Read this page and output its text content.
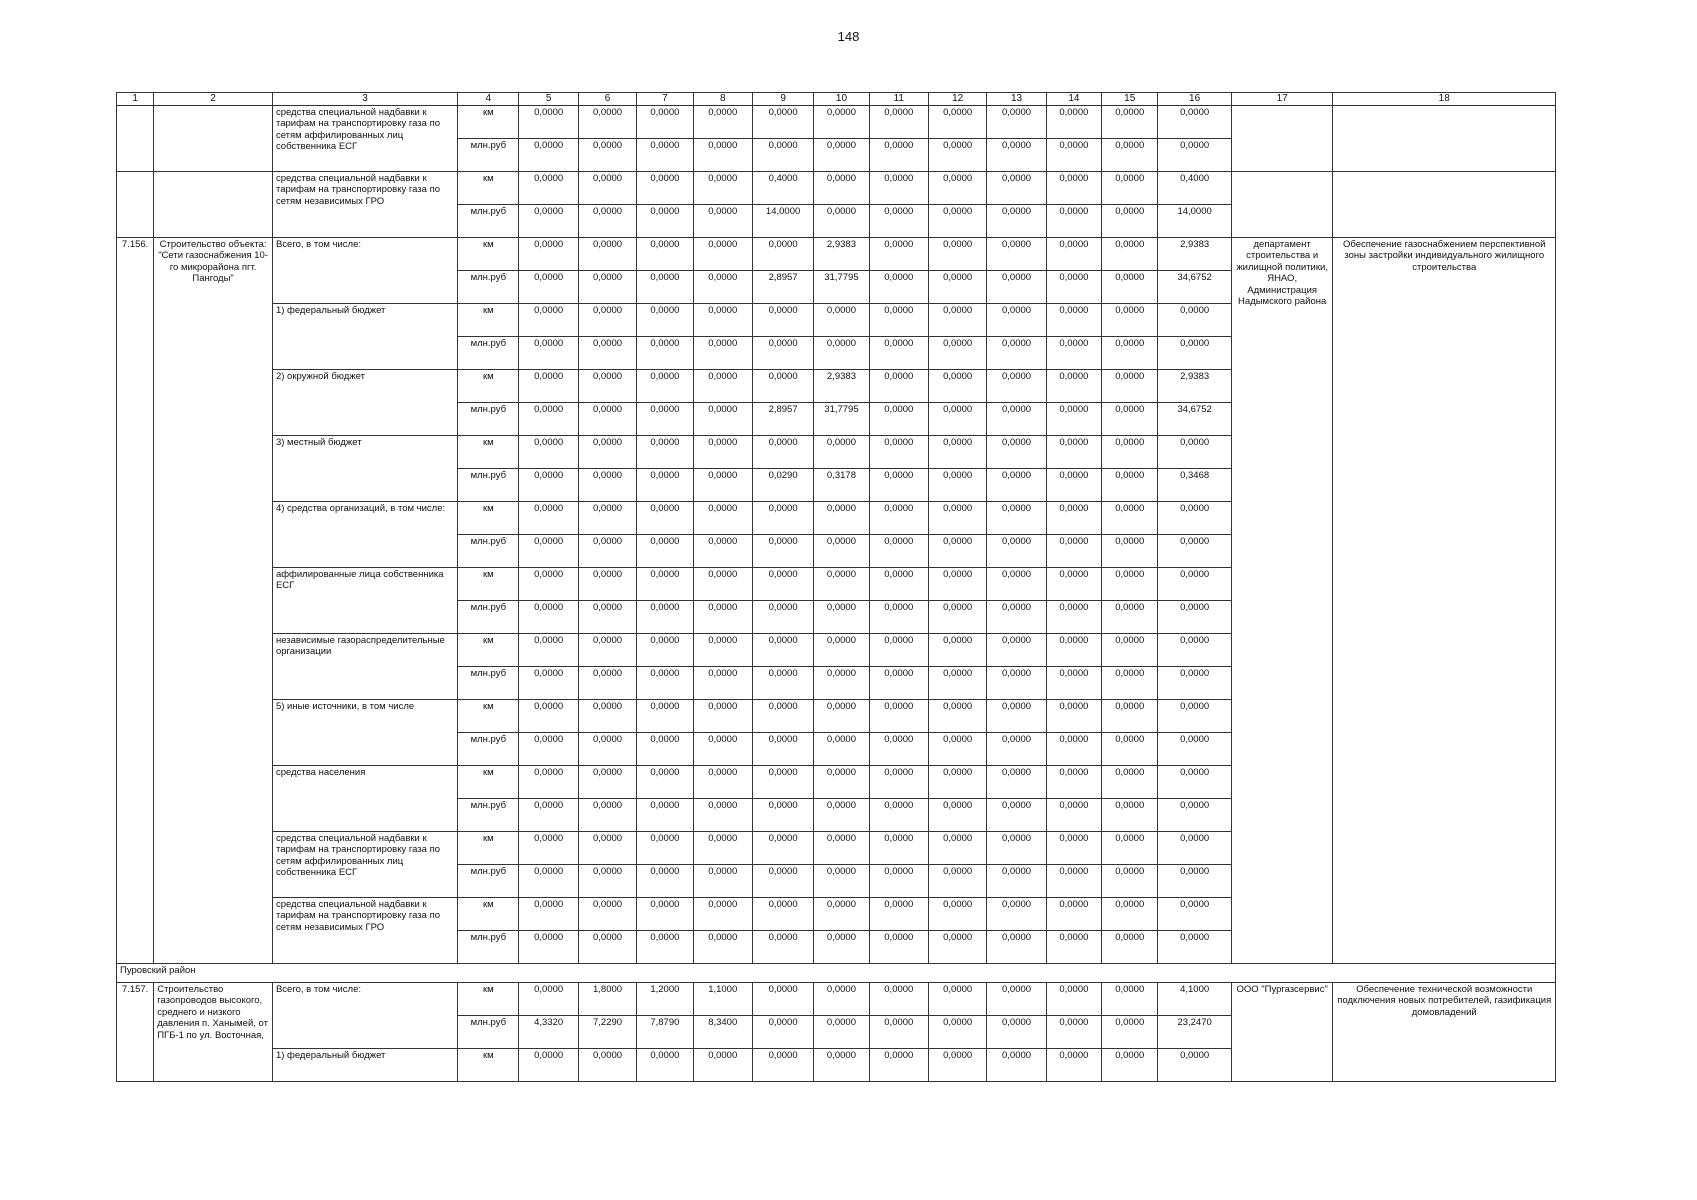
148
1	2	3	4	5	6	7	8	9	10	11	12	13	14	15	16	17	18
		средства специальной надбавки к тарифам на транспортировку газа по сетям аффилированных лиц собственника ЕСГ	км	0,0000	0,0000	0,0000	0,0000	0,0000	0,0000	0,0000	0,0000	0,0000	0,0000	0,0000	0,0000		
			млн.руб	0,0000	0,0000	0,0000	0,0000	0,0000	0,0000	0,0000	0,0000	0,0000	0,0000	0,0000	0,0000		
		средства специальной надбавки к тарифам на транспортировку газа по сетям независимых ГРО	км	0,0000	0,0000	0,0000	0,0000	0,4000	0,0000	0,0000	0,0000	0,0000	0,0000	0,0000	0,4000		
			млн.руб	0,0000	0,0000	0,0000	0,0000	14,0000	0,0000	0,0000	0,0000	0,0000	0,0000	0,0000	14,0000		
7.156.	Строительство объекта: "Сети газоснабжения 10-го микрорайона пгт. Пангоды"	Всего, в том числе:	км	0,0000	0,0000	0,0000	0,0000	0,0000	2,9383	0,0000	0,0000	0,0000	0,0000	0,0000	2,9383	департамент строительства и жилищной политики, ЯНАО, Администрация Надымского района	Обеспечение газоснабжением перспективной зоны застройки индивидуального жилищного строительства
			млн.руб	0,0000	0,0000	0,0000	0,0000	2,8957	31,7795	0,0000	0,0000	0,0000	0,0000	0,0000	34,6752		
		1) федеральный бюджет	км	0,0000	0,0000	0,0000	0,0000	0,0000	0,0000	0,0000	0,0000	0,0000	0,0000	0,0000	0,0000		
			млн.руб	0,0000	0,0000	0,0000	0,0000	0,0000	0,0000	0,0000	0,0000	0,0000	0,0000	0,0000	0,0000		
		2) окружной бюджет	км	0,0000	0,0000	0,0000	0,0000	0,0000	2,9383	0,0000	0,0000	0,0000	0,0000	0,0000	2,9383		
			млн.руб	0,0000	0,0000	0,0000	0,0000	2,8957	31,7795	0,0000	0,0000	0,0000	0,0000	0,0000	34,6752		
		3) местный бюджет	км	0,0000	0,0000	0,0000	0,0000	0,0000	0,0000	0,0000	0,0000	0,0000	0,0000	0,0000	0,0000		
			млн.руб	0,0000	0,0000	0,0000	0,0000	0,0290	0,3178	0,0000	0,0000	0,0000	0,0000	0,0000	0,3468		
		4) средства организаций, в том числе:	км	0,0000	0,0000	0,0000	0,0000	0,0000	0,0000	0,0000	0,0000	0,0000	0,0000	0,0000	0,0000		
			млн.руб	0,0000	0,0000	0,0000	0,0000	0,0000	0,0000	0,0000	0,0000	0,0000	0,0000	0,0000	0,0000		
		аффилированные лица собственника ЕСГ	км	0,0000	0,0000	0,0000	0,0000	0,0000	0,0000	0,0000	0,0000	0,0000	0,0000	0,0000	0,0000		
			млн.руб	0,0000	0,0000	0,0000	0,0000	0,0000	0,0000	0,0000	0,0000	0,0000	0,0000	0,0000	0,0000		
		независимые газораспределительные организации	км	0,0000	0,0000	0,0000	0,0000	0,0000	0,0000	0,0000	0,0000	0,0000	0,0000	0,0000	0,0000		
			млн.руб	0,0000	0,0000	0,0000	0,0000	0,0000	0,0000	0,0000	0,0000	0,0000	0,0000	0,0000	0,0000		
		5) иные источники, в том числе	км	0,0000	0,0000	0,0000	0,0000	0,0000	0,0000	0,0000	0,0000	0,0000	0,0000	0,0000	0,0000		
			млн.руб	0,0000	0,0000	0,0000	0,0000	0,0000	0,0000	0,0000	0,0000	0,0000	0,0000	0,0000	0,0000		
		средства населения	км	0,0000	0,0000	0,0000	0,0000	0,0000	0,0000	0,0000	0,0000	0,0000	0,0000	0,0000	0,0000		
			млн.руб	0,0000	0,0000	0,0000	0,0000	0,0000	0,0000	0,0000	0,0000	0,0000	0,0000	0,0000	0,0000		
		средства специальной надбавки к тарифам на транспортировку газа по сетям аффилированных лиц собственника ЕСГ	км	0,0000	0,0000	0,0000	0,0000	0,0000	0,0000	0,0000	0,0000	0,0000	0,0000	0,0000	0,0000		
			млн.руб	0,0000	0,0000	0,0000	0,0000	0,0000	0,0000	0,0000	0,0000	0,0000	0,0000	0,0000	0,0000		
		средства специальной надбавки к тарифам на транспортировку газа по сетям независимых ГРО	км	0,0000	0,0000	0,0000	0,0000	0,0000	0,0000	0,0000	0,0000	0,0000	0,0000	0,0000	0,0000		
			млн.руб	0,0000	0,0000	0,0000	0,0000	0,0000	0,0000	0,0000	0,0000	0,0000	0,0000	0,0000	0,0000		
Пуровский район																	
7.157.	Строительство газопроводов высокого, среднего и низкого давления п. Ханымей, от ПГБ-1 по ул. Восточная,	Всего, в том числе:	км	0,0000	1,8000	1,2000	1,1000	0,0000	0,0000	0,0000	0,0000	0,0000	0,0000	0,0000	4,1000	ООО "Пургазсервис"	Обеспечение технической возможности подключения новых потребителей, газификация домовладений
			млн.руб	4,3320	7,2290	7,8790	8,3400	0,0000	0,0000	0,0000	0,0000	0,0000	0,0000	0,0000	23,2470		
		1) федеральный бюджет	км	0,0000	0,0000	0,0000	0,0000	0,0000	0,0000	0,0000	0,0000	0,0000	0,0000	0,0000	0,0000		
